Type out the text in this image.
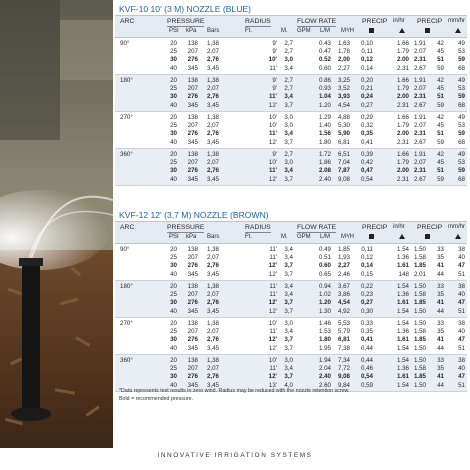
KVF-10 10' (3 M) NOZZLE (BLUE)
ARC	PRESSURE	RADIUS	FLOW RATE	PRECIP in/hr PRECIP mm/hr
PSI kPa Bars	Ft.	M. GPM L/M M³/H
90°	20 138 1,38	9' 2,7	0.43 1,63 0,10	1.66 1.91 42 49
25 207 2,07	9' 2,7	0.47 1,78 0,11	1.79 2.07 45 53
30 276 2,76	10' 3,0	0.52 2,00 0,12	2.00 2.31 51 59
40 345 3,45	11' 3,4	0.60 2,27 0,14	2.31 2.67 59 68
180°	20 138 1,38	9' 2,7	0.86 3,25 0,20	1.66 1.91 42 49
25 207 2,07	9' 2,7	0.93 3,52 0,21	1.79 2.07 45 53
30 276 2,76	11' 3,4	1.04 3,93 0,24	2.00 2.31 51 59
40 345 3,45	12' 3,7	1.20 4,54 0,27	2.31 2.67 59 68
270°	20 138 1,38	10' 3,0	1.29 4,88 0,29	1.66 1.91 42 49
25 207 2,07	10' 3,0	1.40 5,30 0,32	1.79 2.07 45 53
30 276 2,76	11' 3,4	1.56 5,90 0,35	2.00 2.31 51 59
40 345 3,45	12' 3,7	1.80 6,81 0,41	2.31 2.67 59 68
360°	20 138 1,38	9' 2,7	1.72 6,51 0,39	1.66 1.91 42 49
25 207 2,07	10' 3,0	1.86 7,04 0,42	1.79 2.07 45 53
30 276 2,76	11' 3,4	2.08 7,87 0,47	2.00 2.31 51 59
40 345 3,45	12' 3,7	2.40 9,08 0,54	2.31 2.67 59 68
KVF-12 12' (3,7 M) NOZZLE (BROWN)
ARC	PRESSURE	RADIUS	FLOW RATE	PRECIP in/hr PRECIP mm/hr
PSI kPa Bars	Ft.	M. GPM L/M M³/H
90°	20 138 1,38	11' 3,4	0.49 1,85 0,11	1.54 1.50 33 38
25 207 2,07	11' 3,4	0.51 1,93 0,12	1.36 1.58 35 40
30 276 2,76	12' 3,7	0.60 2,27 0,14	1.61 1.85 41 47
40 345 3,45	12' 3,7	0.65 2,46 0,15	148 2.01 44 51
180°	20 138 1,38	11' 3,4	0.94 3,67 0,22	1.54 1.50 33 38
25 207 2,07	11' 3,4	1.02 3,86 0,23	1.36 1.58 35 40
30 276 2,76	12' 3,7	1.20 4,54 0,27	1.61 1.85 41 47
40 345 3,45	12' 3,7	1.30 4,92 0,30	1.54 1.50 44 51
270°	20 138 1,38	10' 3,0	1.46 5,53 0,33	1.54 1.50 33 38
25 207 2,07	11' 3,4	1.53 5,79 0,35	1.36 1.58 35 40
30 276 2,76	12' 3,7	1.80 6,81 0,41	1.61 1.85 41 47
40 345 3,45	12' 3,7	1.95 7,38 0,44	1.54 1.50 44 51
360°	20 138 1,38	10' 3,0	1.94 7,34 0,44	1.54 1.50 33 38
25 207 2,07	11' 3,4	2.04 7,72 0,46	1.36 1.58 35 40
30 276 2,76	12' 3,7	2.40 9,08 0,54	1.61 1.85 41 47
40 345 3,45	13' 4,0	2.60 9,84 0,59	1.54 1.50 44 51
*Data represents test results in zero wind. Radius may be reduced with the nozzle retention screw.
Bold = recommended pressure.
INNOVATIVE IRRIGATION SYSTEMS
